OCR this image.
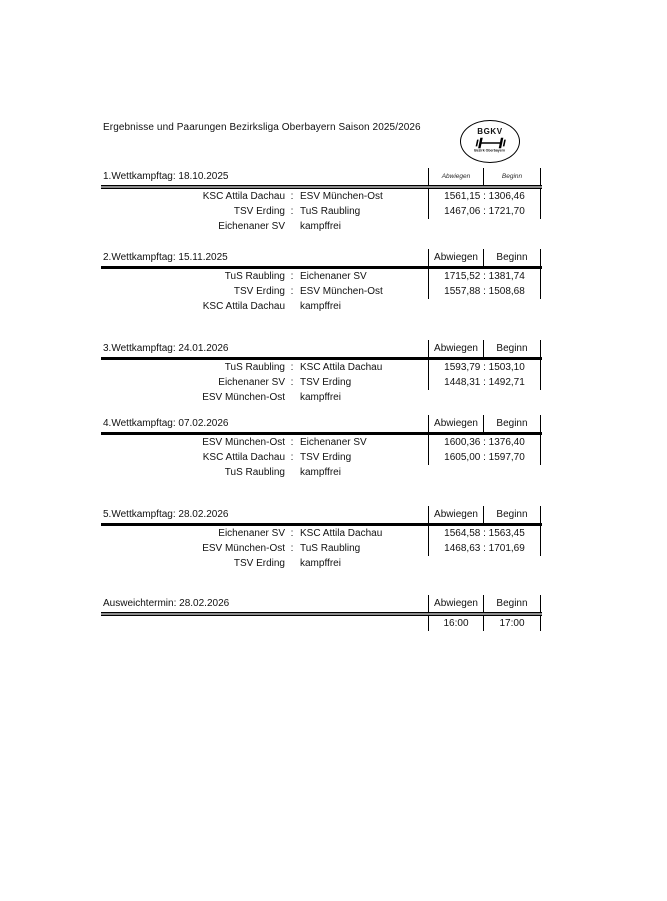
Ergebnisse und Paarungen Bezirksliga Oberbayern Saison 2025/2026	BGKV
Bezirk Oberbayern
1.Wettkampftag: 18.10.2025	Abwiegen	Beginn
KSC Attila Dachau : ESV München-Ost	1561,15 : 1306,46
TSV Erding : TuS Raubling	1467,06 : 1721,70
Eichenaner SV kampffrei
2.Wettkampftag: 15.11.2025	Abwiegen	Beginn
TuS Raubling : Eichenaner SV	1715,52 : 1381,74
TSV Erding : ESV München-Ost	1557,88 : 1508,68
KSC Attila Dachau kampffrei
3.Wettkampftag: 24.01.2026	Abwiegen	Beginn
TuS Raubling : KSC Attila Dachau	1593,79 : 1503,10
Eichenaner SV : TSV Erding	1448,31 : 1492,71
ESV München-Ost kampffrei
4.Wettkampftag: 07.02.2026	Abwiegen	Beginn
ESV München-Ost : Eichenaner SV	1600,36 : 1376,40
KSC Attila Dachau : TSV Erding	1605,00 : 1597,70
TuS Raubling kampffrei
5.Wettkampftag: 28.02.2026	Abwiegen	Beginn
Eichenaner SV : KSC Attila Dachau	1564,58 : 1563,45
ESV München-Ost : TuS Raubling	1468,63 : 1701,69
TSV Erding kampffrei
Ausweichtermin: 28.02.2026	Abwiegen	Beginn
16:00	17:00
